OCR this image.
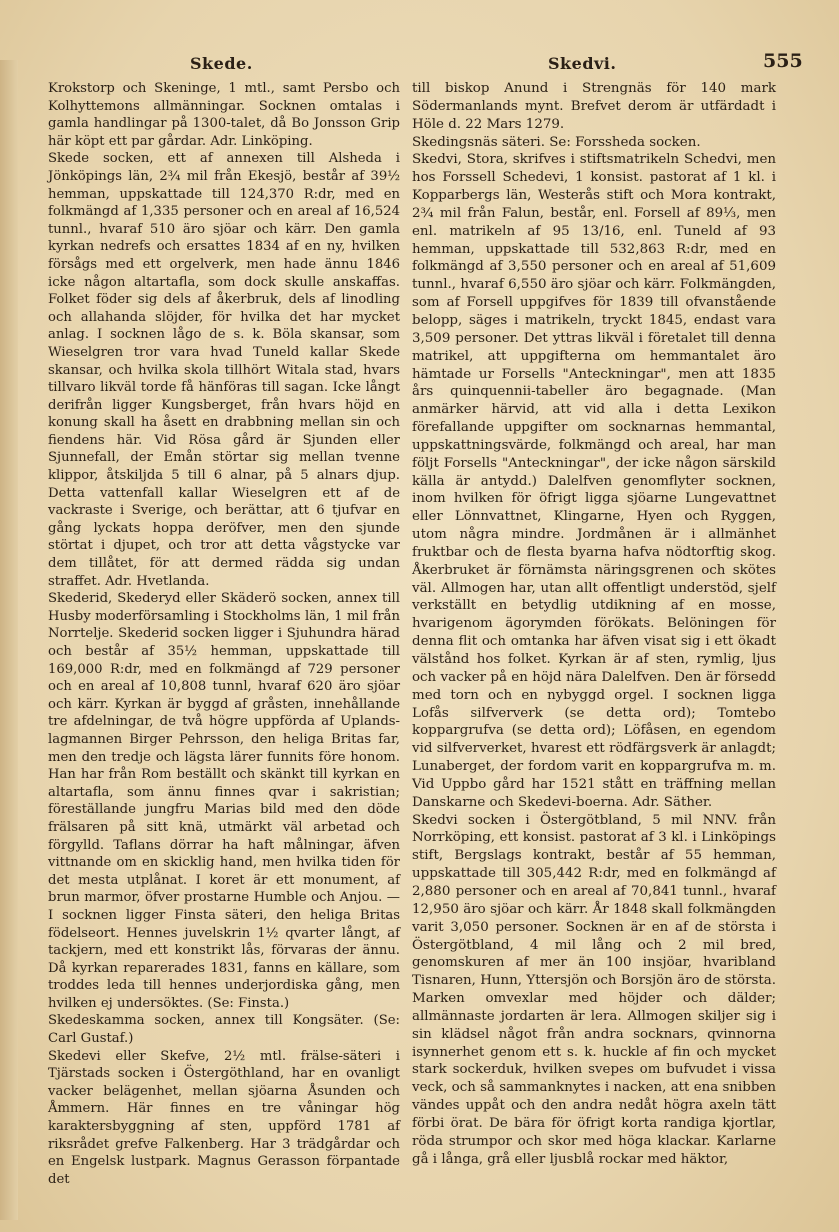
Skede.	Skedvi.	555

Krokstorp och Skeninge, 1 mtl., samt Persbo och Kolhyttemons allmänningar. Socknen omtalas i gamla handlingar på 1300-talet, då Bo Jonsson Grip här köpt ett par gårdar. Adr. Linköping.

Skede socken, ett af annexen till Alsheda i Jönköpings län, 2¾ mil från Ekesjö, består af 39½ hemman, uppskattade till 124,370 R:dr, med en folkmängd af 1,335 personer och en areal af 16,524 tunnl., hvaraf 510 äro sjöar och kärr. Den gamla kyrkan nedrefs och ersattes 1834 af en ny, hvilken försågs med ett orgelverk, men hade ännu 1846 icke någon altartafla, som dock skulle anskaffas. Folket föder sig dels af åkerbruk, dels af linodling och allahanda slöjder, för hvilka det har mycket anlag. I socknen lågo de s. k. Böla skansar, som Wieselgren tror vara hvad Tuneld kallar Skede skansar, och hvilka skola tillhört Witala stad, hvars tillvaro likväl torde få hänföras till sagan. Icke långt derifrån ligger Kungsberget, från hvars höjd en konung skall ha åsett en drabbning mellan sin och fiendens här. Vid Rösa gård är Sjunden eller Sjunnefall, der Emån störtar sig mellan tvenne klippor, åtskiljda 5 till 6 alnar, på 5 alnars djup. Detta vattenfall kallar Wieselgren ett af de vackraste i Sverige, och berättar, att 6 tjufvar en gång lyckats hoppa deröfver, men den sjunde störtat i djupet, och tror att detta vågstycke var dem tillåtet, för att dermed rädda sig undan straffet. Adr. Hvetlanda.

Skederid, Skederyd eller Skäderö socken, annex till Husby moderförsamling i Stockholms län, 1 mil från Norrtelje. Skederid socken ligger i Sjuhundra härad och består af 35½ hemman, uppskattade till 169,000 R:dr, med en folkmängd af 729 personer och en areal af 10,808 tunnl, hvaraf 620 äro sjöar och kärr. Kyrkan är byggd af gråsten, innehållande tre afdelningar, de två högre uppförda af Uplands-lagmannen Birger Pehrsson, den heliga Britas far, men den tredje och lägsta lärer funnits före honom. Han har från Rom beställt och skänkt till kyrkan en altartafla, som ännu finnes qvar i sakristian; föreställande jungfru Marias bild med den döde frälsaren på sitt knä, utmärkt väl arbetad och förgylld. Taflans dörrar ha haft målningar, äfven vittnande om en skicklig hand, men hvilka tiden för det mesta utplånat. I koret är ett monument, af brun marmor, öfver prostarne Humble och Anjou. — I socknen ligger Finsta säteri, den heliga Britas födelseort. Hennes juvelskrin 1½ qvarter långt, af tackjern, med ett konstrikt lås, förvaras der ännu. Då kyrkan reparerades 1831, fanns en källare, som troddes leda till hennes underjordiska gång, men hvilken ej undersöktes. (Se: Finsta.)

Skedeskamma socken, annex till Kongsäter. (Se: Carl Gustaf.)

Skedevi eller Skefve, 2½ mtl. frälse-säteri i Tjärstads socken i Östergöthland, har en ovanligt vacker belägenhet, mellan sjöarna Åsunden och Åmmern. Här finnes en tre våningar hög karaktersbyggning af sten, uppförd 1781 af riksrådet grefve Falkenberg. Har 3 trädgårdar och en Engelsk lustpark. Magnus Gerasson förpantade det

till biskop Anund i Strengnäs för 140 mark Södermanlands mynt. Brefvet derom är utfärdadt i Höle d. 22 Mars 1279.

Skedingsnäs säteri. Se: Forssheda socken.

Skedvi, Stora, skrifves i stiftsmatrikeln Schedvi, men hos Forssell Schedevi, 1 konsist. pastorat af 1 kl. i Kopparbergs län, Westerås stift och Mora kontrakt, 2¾ mil från Falun, består, enl. Forsell af 89⅓, men enl. matrikeln af 95 13/16, enl. Tuneld af 93 hemman, uppskattade till 532,863 R:dr, med en folkmängd af 3,550 personer och en areal af 51,609 tunnl., hvaraf 6,550 äro sjöar och kärr. Folkmängden, som af Forsell uppgifves för 1839 till ofvanstående belopp, säges i matrikeln, tryckt 1845, endast vara 3,509 personer. Det yttras likväl i företalet till denna matrikel, att uppgifterna om hemmantalet äro hämtade ur Forsells "Anteckningar", men att 1835 års quinquennii-tabeller äro begagnade. (Man anmärker härvid, att vid alla i detta Lexikon förefallande uppgifter om socknarnas hemmantal, uppskattningsvärde, folkmängd och areal, har man följt Forsells "Anteckningar", der icke någon särskild källa är antydd.) Dalelfven genomflyter socknen, inom hvilken för öfrigt ligga sjöarne Lungevattnet eller Lönnvattnet, Klingarne, Hyen och Ryggen, utom några mindre. Jordmånen är i allmänhet fruktbar och de flesta byarna hafva nödtorftig skog. Åkerbruket är förnämsta näringsgrenen och skötes väl. Allmogen har, utan allt offentligt understöd, sjelf verkställt en betydlig utdikning af en mosse, hvarigenom ägorymden förökats. Belöningen för denna flit och omtanka har äfven visat sig i ett ökadt välstånd hos folket. Kyrkan är af sten, rymlig, ljus och vacker på en höjd nära Dalelfven. Den är försedd med torn och en nybyggd orgel. I socknen ligga Lofås silfververk (se detta ord); Tomtebo koppargrufva (se detta ord); Löfåsen, en egendom vid silfververket, hvarest ett rödfärgsverk är anlagdt; Lunaberget, der fordom varit en koppargrufva m. m. Vid Uppbo gård har 1521 stått en träffning mellan Danskarne och Skedevi-boerna. Adr. Säther.

Skedvi socken i Östergötbland, 5 mil NNV. från Norrköping, ett konsist. pastorat af 3 kl. i Linköpings stift, Bergslags kontrakt, består af 55 hemman, uppskattade till 305,442 R:dr, med en folkmängd af 2,880 personer och en areal af 70,841 tunnl., hvaraf 12,950 äro sjöar och kärr. År 1848 skall folkmängden varit 3,050 personer. Socknen är en af de största i Östergötbland, 4 mil lång och 2 mil bred, genomskuren af mer än 100 insjöar, hvaribland Tisnaren, Hunn, Yttersjön och Borsjön äro de största. Marken omvexlar med höjder och dälder; allmännaste jordarten är lera. Allmogen skiljer sig i sin klädsel något från andra socknars, qvinnorna isynnerhet genom ett s. k. huckle af fin och mycket stark sockerduk, hvilken svepes om bufvudet i vissa veck, och så sammanknytes i nacken, att ena snibben vändes uppåt och den andra nedåt högra axeln tätt förbi örat. De bära för öfrigt korta randiga kjortlar, röda strumpor och skor med höga klackar. Karlarne gå i långa, grå eller ljusblå rockar med häktor,
